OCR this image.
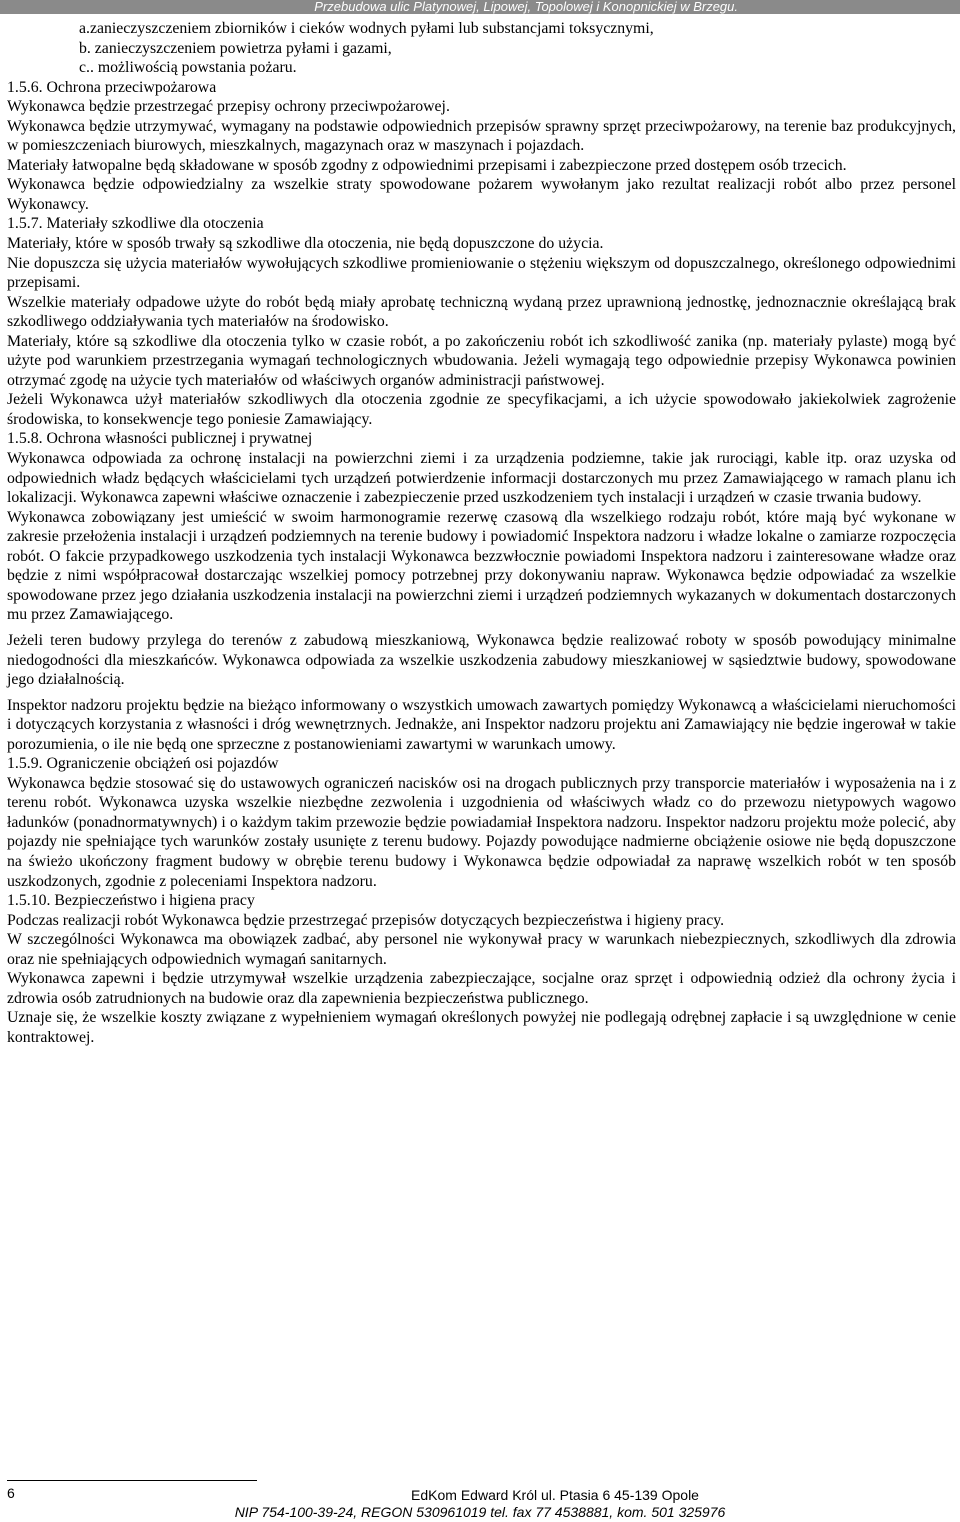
Przebudowa ulic Platynowej, Lipowej, Topolowej i Konopnickiej w Brzegu.

a.zanieczyszczeniem zbiorników i cieków wodnych pyłami lub substancjami toksycznymi,

b. zanieczyszczeniem powietrza pyłami i gazami,

c.. możliwością powstania pożaru.

1.5.6. Ochrona przeciwpożarowa

Wykonawca będzie przestrzegać przepisy ochrony przeciwpożarowej.

Wykonawca będzie utrzymywać, wymagany na podstawie odpowiednich przepisów sprawny sprzęt przeciwpożarowy, na terenie baz produkcyjnych, w pomieszczeniach biurowych, mieszkalnych, magazynach oraz w maszynach i pojazdach.

Materiały łatwopalne będą składowane w sposób zgodny z odpowiednimi przepisami i zabezpieczone przed dostępem osób trzecich.

Wykonawca będzie odpowiedzialny za wszelkie straty spowodowane pożarem wywołanym jako rezultat realizacji robót albo przez personel Wykonawcy.

1.5.7. Materiały szkodliwe dla otoczenia

Materiały, które w sposób trwały są szkodliwe dla otoczenia, nie będą dopuszczone do użycia.

Nie dopuszcza się użycia materiałów wywołujących szkodliwe promieniowanie o stężeniu większym od dopuszczalnego, określonego odpowiednimi przepisami.

Wszelkie materiały odpadowe użyte do robót będą miały aprobatę techniczną wydaną przez uprawnioną jednostkę, jednoznacznie określającą brak szkodliwego oddziaływania tych materiałów na środowisko.

Materiały, które są szkodliwe dla otoczenia tylko w czasie robót, a po zakończeniu robót ich szkodliwość zanika (np. materiały pylaste) mogą być użyte pod warunkiem przestrzegania wymagań technologicznych wbudowania. Jeżeli wymagają tego odpowiednie przepisy Wykonawca powinien otrzymać zgodę na użycie tych materiałów od właściwych organów administracji państwowej.

Jeżeli Wykonawca użył materiałów szkodliwych dla otoczenia zgodnie ze specyfikacjami, a ich użycie spowodowało jakiekolwiek zagrożenie środowiska, to konsekwencje tego poniesie Zamawiający.

1.5.8. Ochrona własności publicznej i prywatnej

Wykonawca odpowiada za ochronę instalacji na powierzchni ziemi i za urządzenia podziemne, takie jak rurociągi, kable itp. oraz uzyska od odpowiednich władz będących właścicielami tych urządzeń potwierdzenie informacji dostarczonych mu przez Zamawiającego w ramach planu ich lokalizacji. Wykonawca zapewni właściwe oznaczenie i zabezpieczenie przed uszkodzeniem tych instalacji i urządzeń w czasie trwania budowy.

Wykonawca zobowiązany jest umieścić w swoim harmonogramie rezerwę czasową dla wszelkiego rodzaju robót, które mają być wykonane w zakresie przełożenia instalacji i urządzeń podziemnych na terenie budowy i powiadomić Inspektora nadzoru i władze lokalne o zamiarze rozpoczęcia robót. O fakcie przypadkowego uszkodzenia tych instalacji Wykonawca bezzwłocznie powiadomi Inspektora nadzoru i zainteresowane władze oraz będzie z nimi współpracował dostarczając wszelkiej pomocy potrzebnej przy dokonywaniu napraw. Wykonawca będzie odpowiadać za wszelkie spowodowane przez jego działania uszkodzenia instalacji na powierzchni ziemi i urządzeń podziemnych wykazanych w dokumentach dostarczonych mu przez Zamawiającego.

Jeżeli teren budowy przylega do terenów z zabudową mieszkaniową, Wykonawca będzie realizować roboty w sposób powodujący minimalne niedogodności dla mieszkańców. Wykonawca odpowiada za wszelkie uszkodzenia zabudowy mieszkaniowej w sąsiedztwie budowy, spowodowane jego działalnością.

Inspektor nadzoru projektu będzie na bieżąco informowany o wszystkich umowach zawartych pomiędzy Wykonawcą a właścicielami nieruchomości i dotyczących korzystania z własności i dróg wewnętrznych. Jednakże, ani Inspektor nadzoru projektu ani Zamawiający nie będzie ingerował w takie porozumienia, o ile nie będą one sprzeczne z postanowieniami zawartymi w warunkach umowy.

1.5.9. Ograniczenie obciążeń osi pojazdów

Wykonawca będzie stosować się do ustawowych ograniczeń nacisków osi na drogach publicznych przy transporcie materiałów i wyposażenia na i z terenu robót. Wykonawca uzyska wszelkie niezbędne zezwolenia i uzgodnienia od właściwych władz co do przewozu nietypowych wagowo ładunków (ponadnormatywnych) i o każdym takim przewozie będzie powiadamiał Inspektora nadzoru. Inspektor nadzoru projektu może polecić, aby pojazdy nie spełniające tych warunków zostały usunięte z terenu budowy. Pojazdy powodujące nadmierne obciążenie osiowe nie będą dopuszczone na świeżo ukończony fragment budowy w obrębie terenu budowy i Wykonawca będzie odpowiadał za naprawę wszelkich robót w ten sposób uszkodzonych, zgodnie z poleceniami Inspektora nadzoru.

1.5.10. Bezpieczeństwo i higiena pracy

Podczas realizacji robót Wykonawca będzie przestrzegać przepisów dotyczących bezpieczeństwa i higieny pracy.

W szczególności Wykonawca ma obowiązek zadbać, aby personel nie wykonywał pracy w warunkach niebezpiecznych, szkodliwych dla zdrowia oraz nie spełniających odpowiednich wymagań sanitarnych.

Wykonawca zapewni i będzie utrzymywał wszelkie urządzenia zabezpieczające, socjalne oraz sprzęt i odpowiednią odzież dla ochrony życia i zdrowia osób zatrudnionych na budowie oraz dla zapewnienia bezpieczeństwa publicznego.

Uznaje się, że wszelkie koszty związane z wypełnieniem wymagań określonych powyżej nie podlegają odrębnej zapłacie i są uwzględnione w cenie kontraktowej.

6	EdKom Edward Król ul. Ptasia 6 45-139 Opole
NIP 754-100-39-24, REGON 530961019 tel. fax 77 4538881, kom. 501 325976
